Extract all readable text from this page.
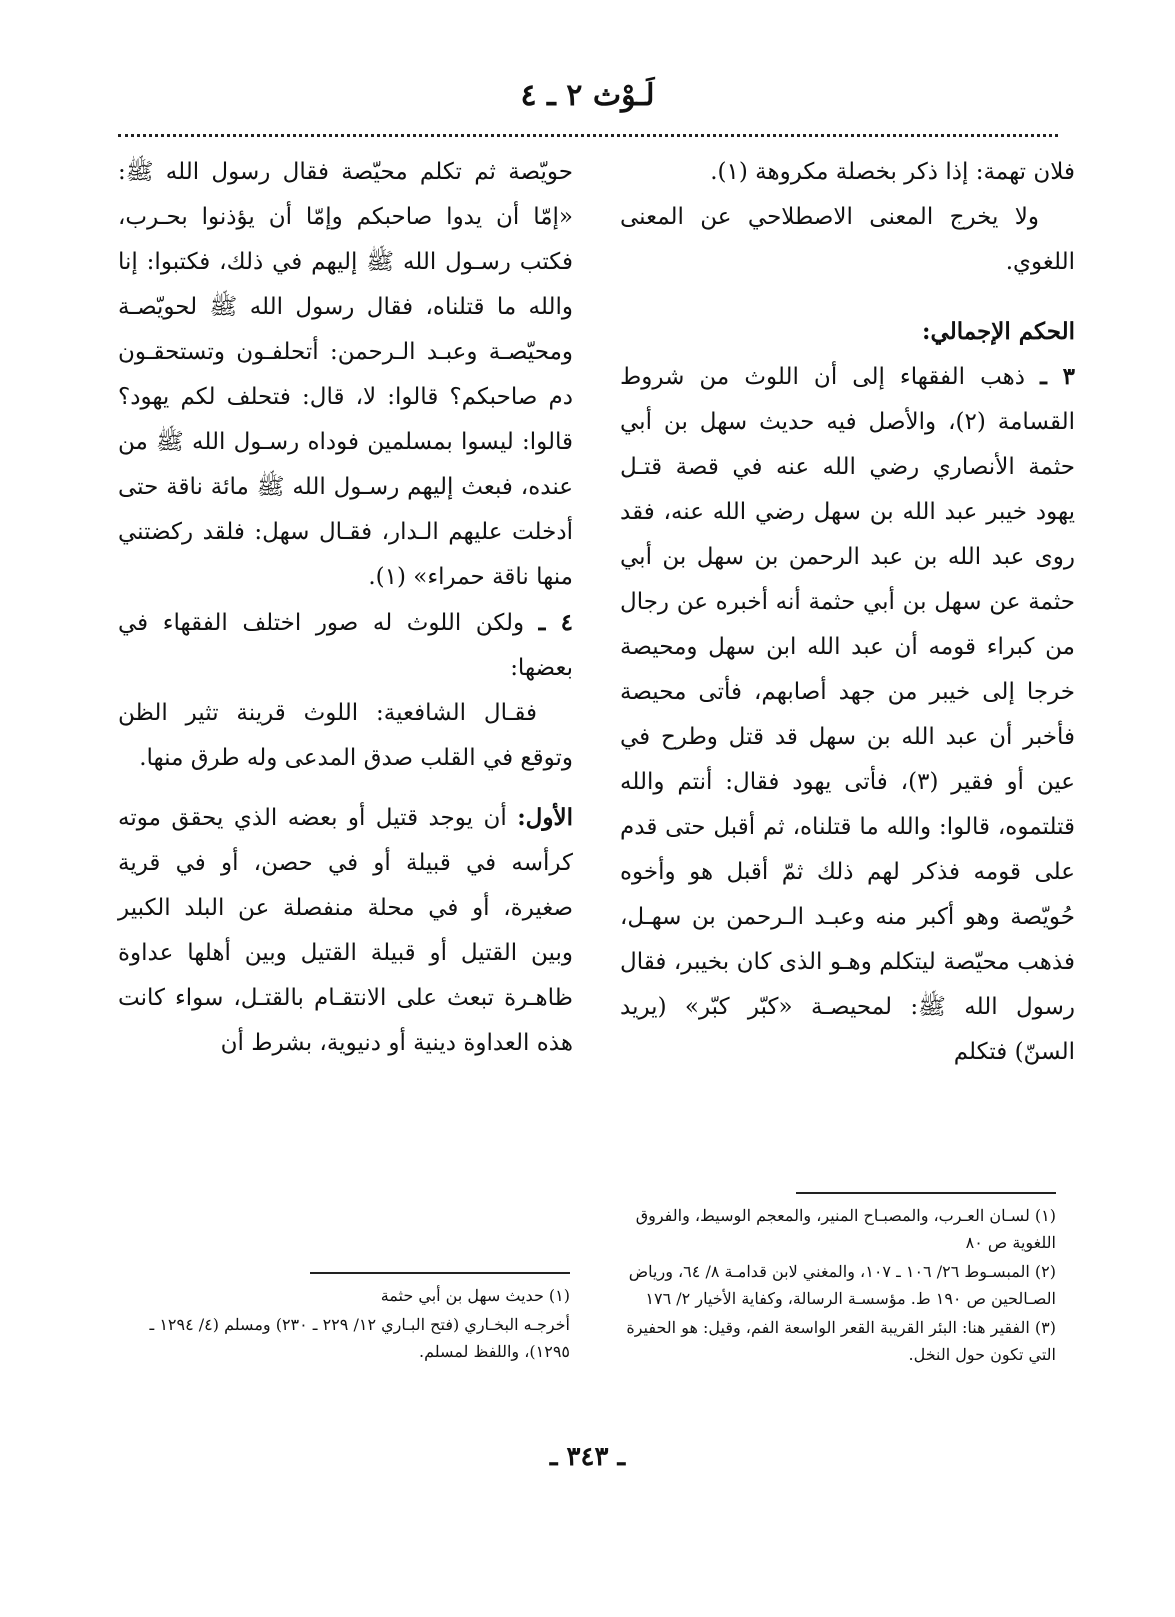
لَـوْث ٢ ـ ٤

فلان تهمة: إذا ذكر بخصلة مكروهة (١).

ولا يخرج المعنى الاصطلاحي عن المعنى اللغوي.

الحكم الإجمالي:

٣ ـ ذهب الفقهاء إلى أن اللوث من شروط القسامة (٢)، والأصل فيه حديث سهل بن أبي حثمة الأنصاري رضي الله عنه في قصة قتـل يهود خيبر عبد الله بن سهل رضي الله عنه، فقد روى عبد الله بن عبد الرحمن بن سهل بن أبي حثمة عن سهل بن أبي حثمة أنه أخبره عن رجال من كبراء قومه أن عبد الله ابن سهل ومحيصة خرجا إلى خيبر من جهد أصابهم، فأتى محيصة فأخبر أن عبد الله بن سهل قد قتل وطرح في عين أو فقير (٣)، فأتى يهود فقال: أنتم والله قتلتموه، قالوا: والله ما قتلناه، ثم أقبل حتى قدم على قومه فذكر لهم ذلك ثمّ أقبل هو وأخوه حُويّصة وهو أكبر منه وعبـد الـرحمن بن سهـل، فذهب محيّصة ليتكلم وهـو الذى كان بخيبر، فقال رسول الله ﷺ: لمحيصـة «كبّر كبّر» (يريد السنّ) فتكلم

(١) لسـان العـرب، والمصبـاح المنير، والمعجم الوسيط، والفروق اللغوية ص ٨٠

(٢) المبسـوط ٢٦/ ١٠٦ ـ ١٠٧، والمغني لابن قدامـة ٨/ ٦٤، ورياض الصـالحين ص ١٩٠ ط. مؤسسـة الرسالة، وكفاية الأخيار ٢/ ١٧٦

(٣) الفقير هنا: البئر القريبة القعر الواسعة الفم، وقيل: هو الحفيرة التي تكون حول النخل.

حويّصة ثم تكلم محيّصة فقال رسول الله ﷺ: «إمّا أن يدوا صاحبكم وإمّا أن يؤذنوا بحـرب، فكتب رسـول الله ﷺ إليهم في ذلك، فكتبوا: إنا والله ما قتلناه، فقال رسول الله ﷺ لحويّصـة ومحيّصـة وعبـد الـرحمن: أتحلفـون وتستحقـون دم صاحبكم؟ قالوا: لا، قال: فتحلف لكم يهود؟ قالوا: ليسوا بمسلمين فوداه رسـول الله ﷺ من عنده، فبعث إليهم رسـول الله ﷺ مائة ناقة حتى أدخلت عليهم الـدار، فقـال سهل: فلقد ركضتني منها ناقة حمراء» (١).

٤ ـ ولكن اللوث له صور اختلف الفقهاء في بعضها:

فقـال الشافعية: اللوث قرينة تثير الظن وتوقع في القلب صدق المدعى وله طرق منها.

الأول: أن يوجد قتيل أو بعضه الذي يحقق موته كرأسه في قبيلة أو في حصن، أو في قرية صغيرة، أو في محلة منفصلة عن البلد الكبير وبين القتيل أو قبيلة القتيل وبين أهلها عداوة ظاهـرة تبعث على الانتقـام بالقتـل، سواء كانت هذه العداوة دينية أو دنيوية، بشرط أن

(١) حديث سهل بن أبي حثمة

أخرجـه البخـاري (فتح البـاري ١٢/ ٢٢٩ ـ ٢٣٠) ومسلم (٤/ ١٢٩٤ ـ ١٢٩٥)، واللفظ لمسلم.

ـ ٣٤٣ ـ
